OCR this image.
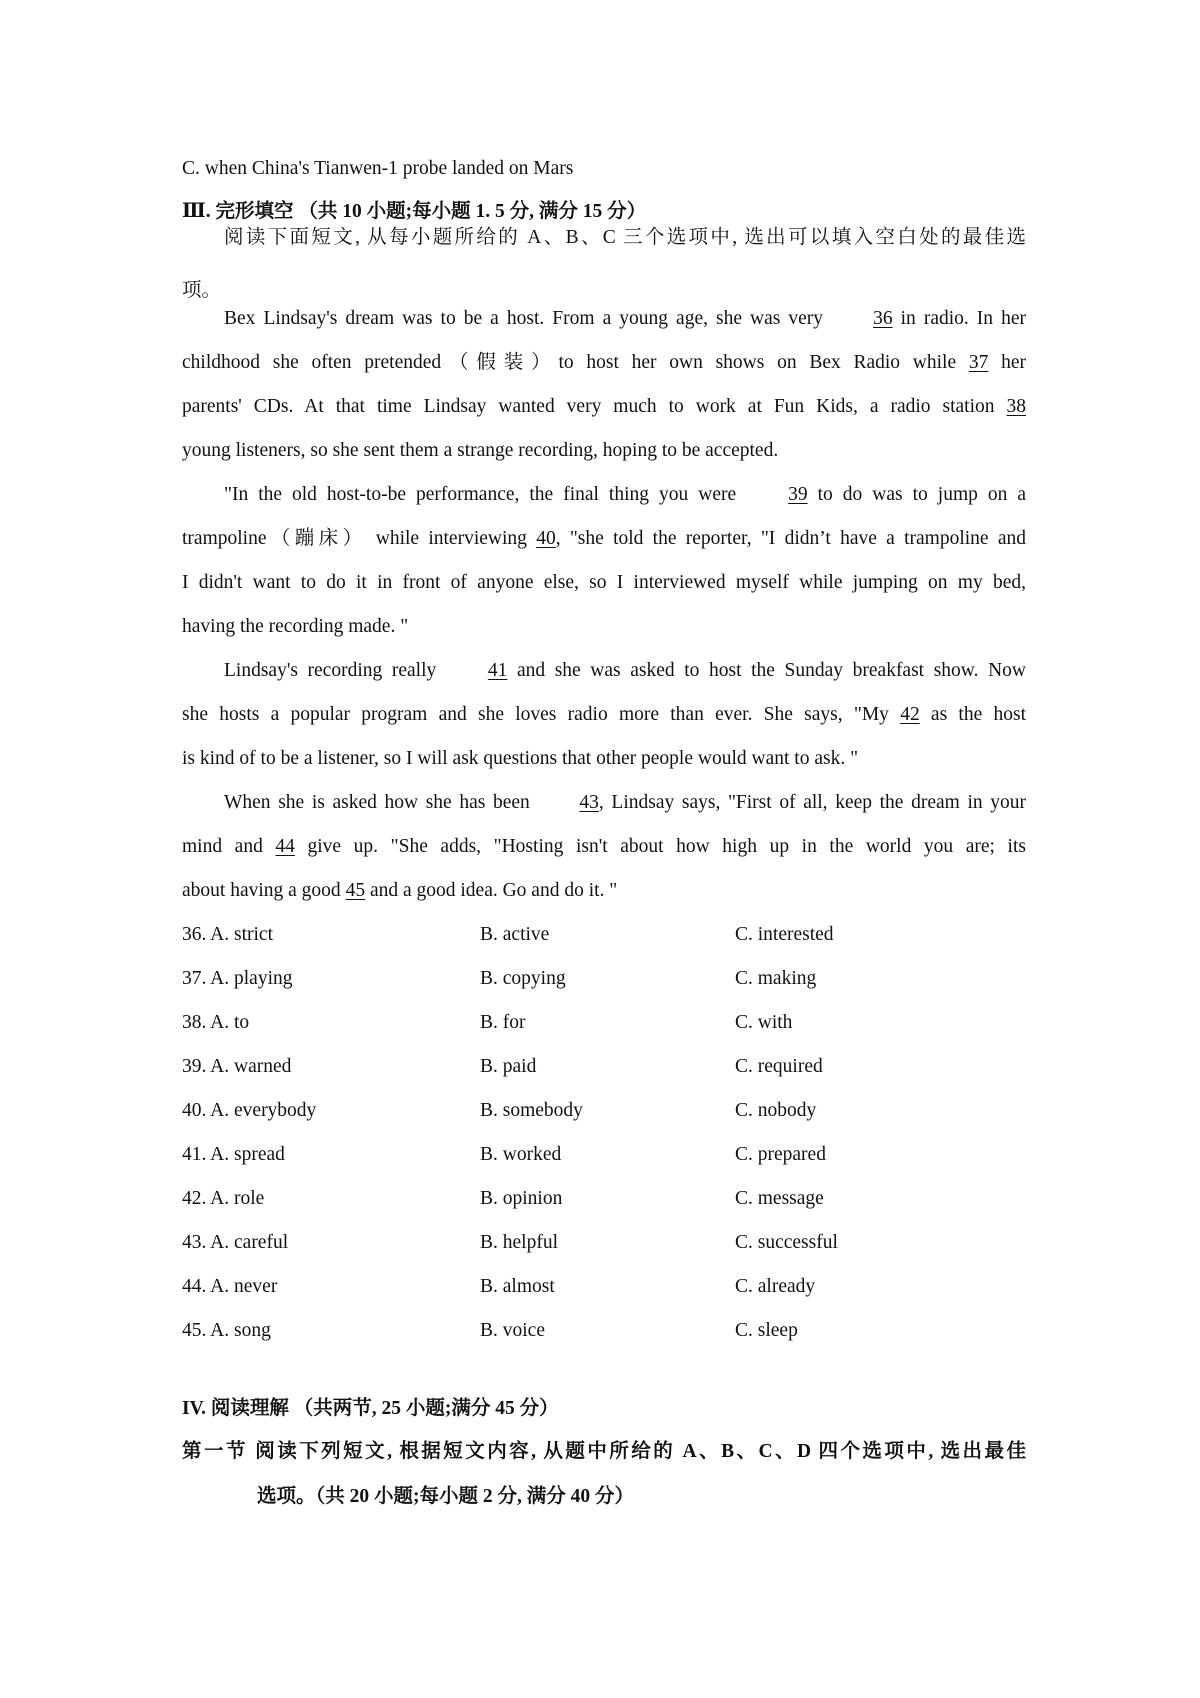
C. when China's Tianwen-1 probe landed on Mars
Ⅲ. 完形填空 （共 10 小题;每小题 1. 5 分, 满分 15 分）
阅读下面短文, 从每小题所给的 A、B、C 三个选项中, 选出可以填入空白处的最佳选
项。
Bex Lindsay's dream was to be a host. From a young age, she was very 36 in radio. In her
childhood she often pretended（假装）to host her own shows on Bex Radio while 37 her
parents' CDs. At that time Lindsay wanted very much to work at Fun Kids, a radio station 38
young listeners, so she sent them a strange recording, hoping to be accepted.
"In the old host-to-be performance, the final thing you were 39 to do was to jump on a
trampoline（蹦床） while interviewing 40, "she told the reporter, "I didn’t have a trampoline and
I didn't want to do it in front of anyone else, so I interviewed myself while jumping on my bed,
having the recording made. "
Lindsay's recording really 41 and she was asked to host the Sunday breakfast show. Now
she hosts a popular program and she loves radio more than ever. She says, "My 42 as the host
is kind of to be a listener, so I will ask questions that other people would want to ask. "
When she is asked how she has been 43, Lindsay says, "First of all, keep the dream in your
mind and 44 give up. "She adds, "Hosting isn't about how high up in the world you are; its
about having a good 45 and a good idea. Go and do it. "
36. A. strict	B. active	C. interested
37. A. playing	B. copying	C. making
38. A. to	B. for	C. with
39. A. warned	B. paid	C. required
40. A. everybody	B. somebody	C. nobody
41. A. spread	B. worked	C. prepared
42. A. role	B. opinion	C. message
43. A. careful	B. helpful	C. successful
44. A. never	B. almost	C. already
45. A. song	B. voice	C. sleep
IV. 阅读理解 （共两节, 25 小题;满分 45 分）
第一节 阅读下列短文, 根据短文内容, 从题中所给的 A、B、C、D 四个选项中, 选出最佳
选项。（共 20 小题;每小题 2 分, 满分 40 分）
